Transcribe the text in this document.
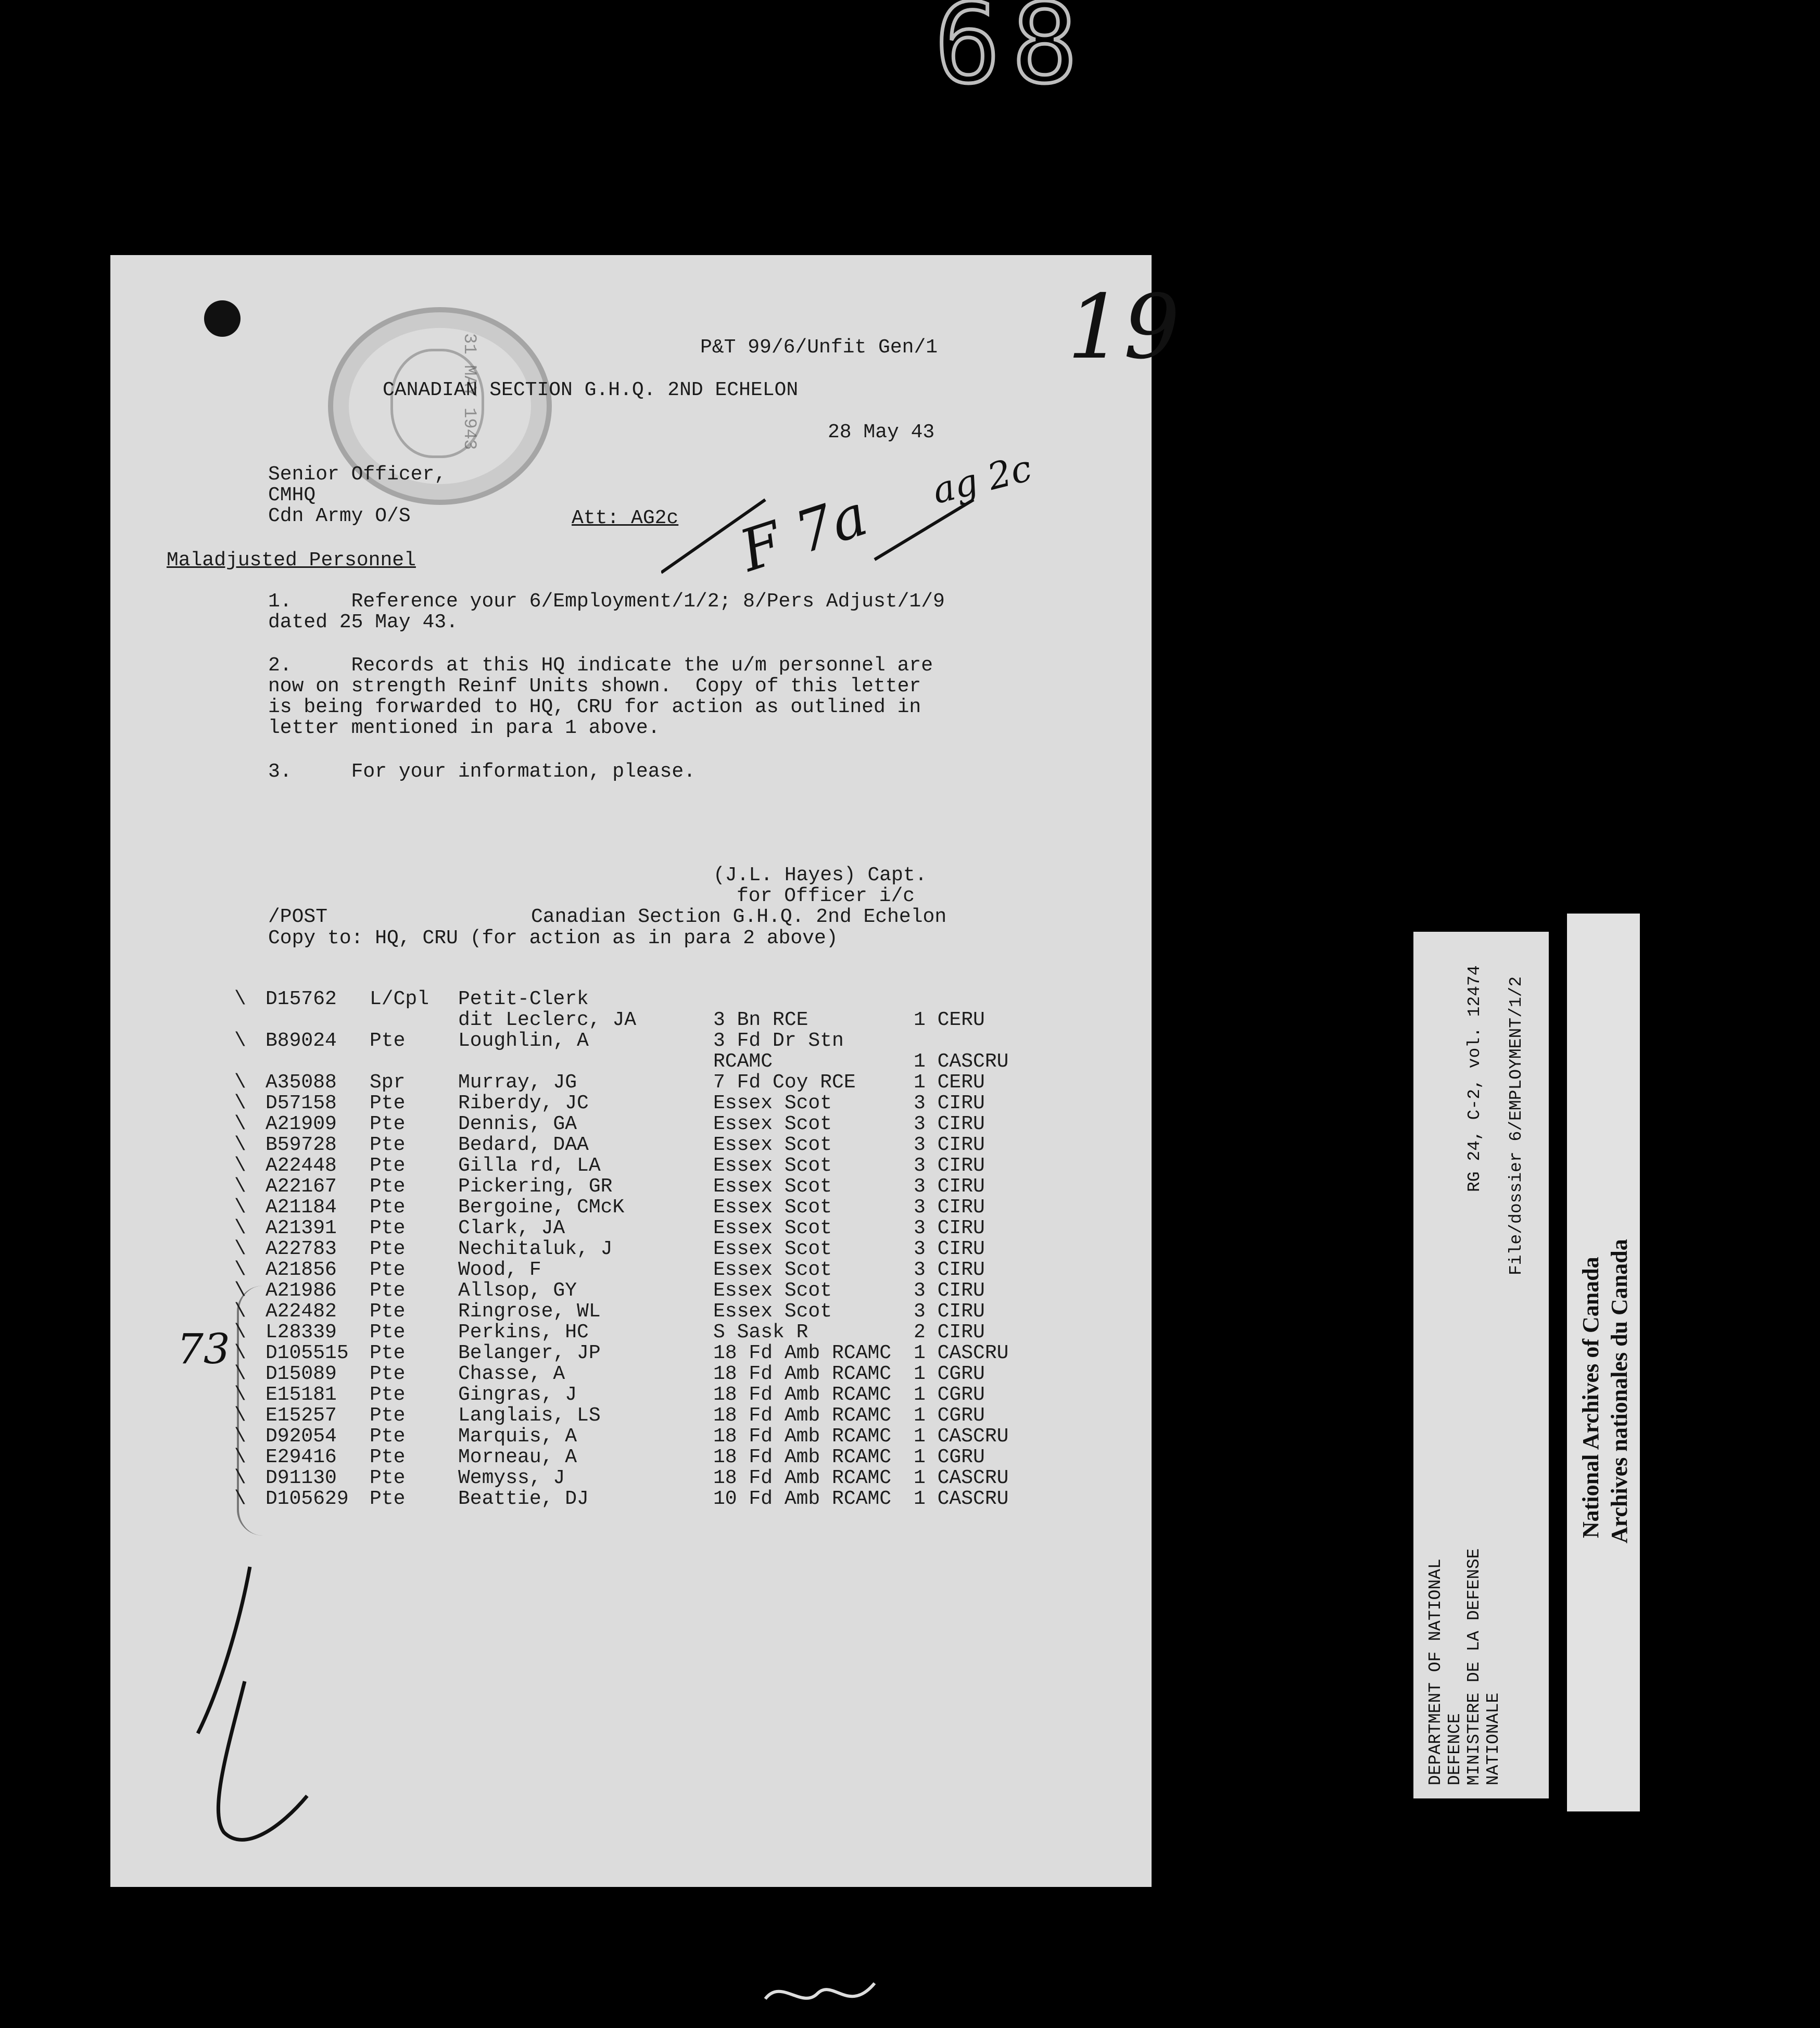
68
31 MAY 1943	P&T 99/6/Unfit Gen/1 19
CANADIAN SECTION G.H.Q. 2ND ECHELON
28 May 43
Senior Officer,
CMHQ
Cdn Army O/S	Att: AG2c F 7a
ag 2c
Maladjusted Personnel
1.     Reference your 6/Employment/1/2; 8/Pers Adjust/1/9
dated 25 May 43.
2.     Records at this HQ indicate the u/m personnel are
now on strength Reinf Units shown.  Copy of this letter
is being forwarded to HQ, CRU for action as outlined in
letter mentioned in para 1 above.
3.     For your information, please.
(J.L. Hayes) Capt.
for Officer i/c
Canadian Section G.H.Q. 2nd Echelon
/POST
Copy to: HQ, CRU (for action as in para 2 above)
73
\ D15762 L/Cpl Petit-Clerk
dit Leclerc, JA	3 Bn RCE	1 CERU
\ B89024 Pte	Loughlin, A	3 Fd Dr Stn
RCAMC	1 CASCRU
\ A35088 Spr	Murray, JG	7 Fd Coy RCE	1 CERU
\ D57158 Pte	Riberdy, JC	Essex Scot	3 CIRU
\ A21909 Pte	Dennis, GA	Essex Scot	3 CIRU
\ B59728 Pte	Bedard, DAA	Essex Scot	3 CIRU
\ A22448 Pte	Gilla rd, LA	Essex Scot	3 CIRU
\ A22167 Pte	Pickering, GR	Essex Scot	3 CIRU
\ A21184 Pte	Bergoine, CMcK	Essex Scot	3 CIRU
\ A21391 Pte	Clark, JA	Essex Scot	3 CIRU
\ A22783 Pte	Nechitaluk, J	Essex Scot	3 CIRU
\ A21856 Pte	Wood, F	Essex Scot	3 CIRU
\ A21986 Pte	Allsop, GY	Essex Scot	3 CIRU
\ A22482 Pte	Ringrose, WL	Essex Scot	3 CIRU
\ L28339 Pte	Perkins, HC	S Sask R	2 CIRU
\ D105515 Pte	Belanger, JP	18 Fd Amb RCAMC 1 CASCRU
\ D15089 Pte	Chasse, A	18 Fd Amb RCAMC 1 CGRU
\ E15181 Pte	Gingras, J	18 Fd Amb RCAMC 1 CGRU
\ E15257 Pte	Langlais, LS	18 Fd Amb RCAMC 1 CGRU
\ D92054 Pte	Marquis, A	18 Fd Amb RCAMC 1 CASCRU
\ E29416 Pte	Morneau, A	18 Fd Amb RCAMC 1 CGRU
\ D91130 Pte	Wemyss, J	18 Fd Amb RCAMC 1 CASCRU
\ D105629 Pte	Beattie, DJ	10 Fd Amb RCAMC 1 CASCRU
DEPARTMENT OF NATIONAL DEFENCE MINISTERE DE LA DEFENSE NATIONALE
RG 24, C-2, vol. 12474 File/dossier 6/EMPLOYMENT/1/2
National Archives of Canada Archives nationales du Canada
